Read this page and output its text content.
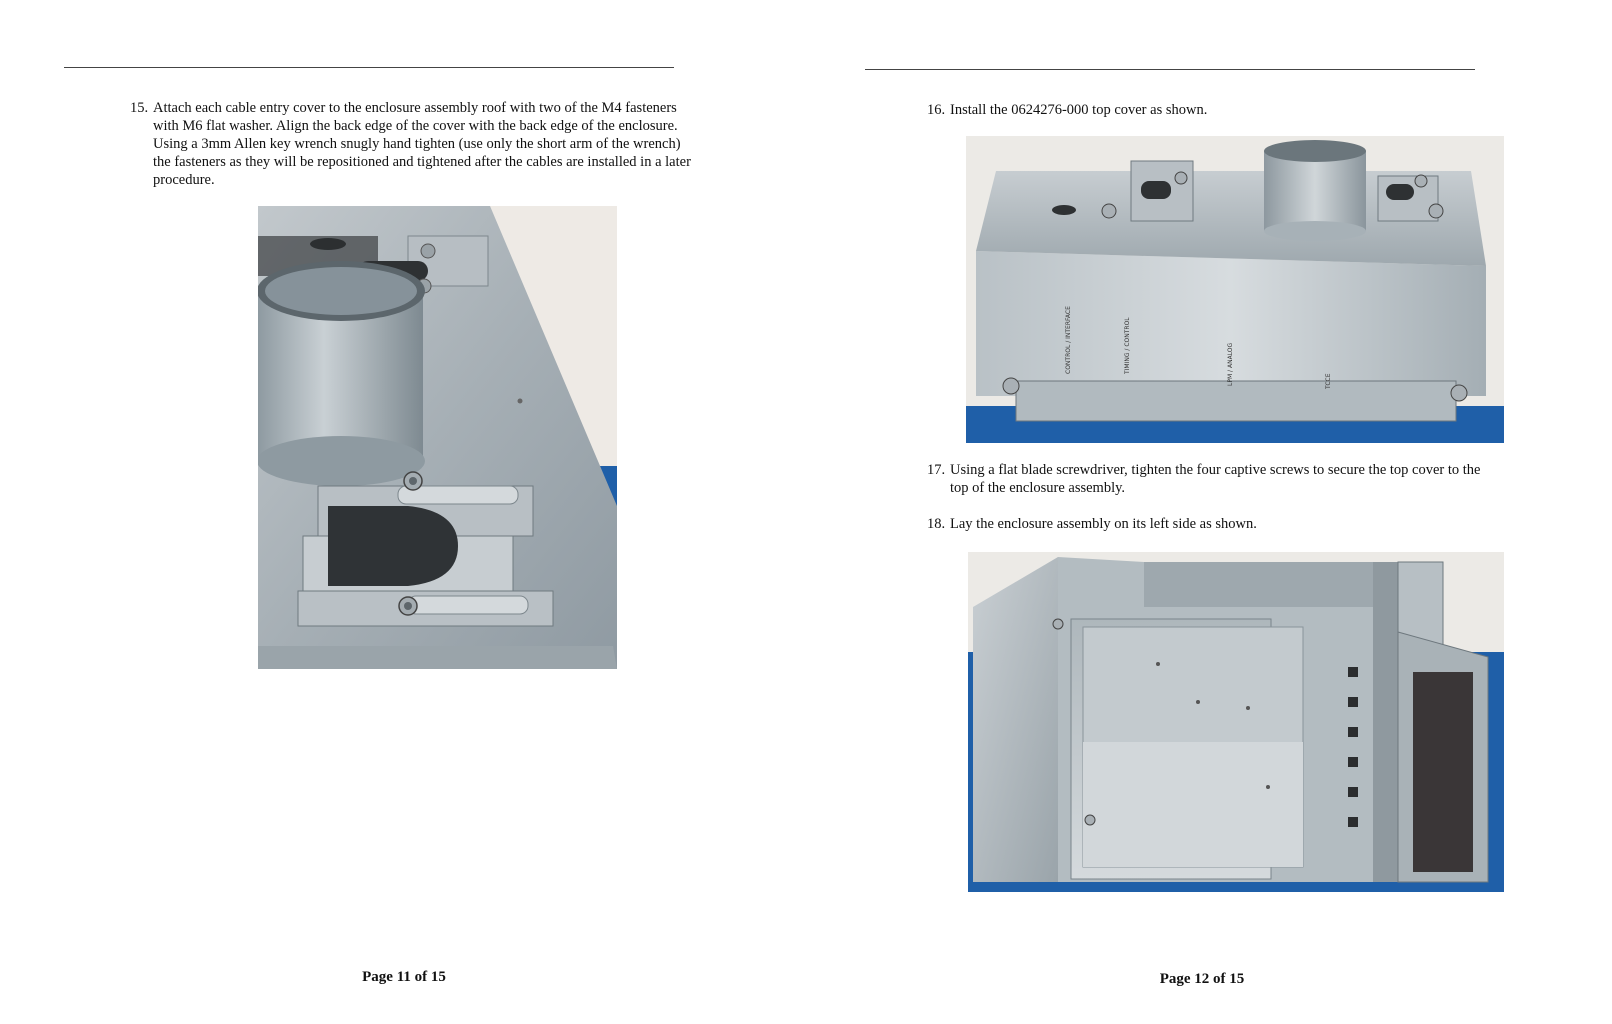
15. Attach each cable entry cover to the enclosure assembly roof with two of the M4 fasteners
with M6 flat washer. Align the back edge of the cover with the back edge of the enclosure.
Using a 3mm Allen key wrench snugly hand tighten (use only the short arm of the wrench)
the fasteners as they will be repositioned and tightened after the cables are installed in a later
procedure.
Page 11 of 15
16. Install the 0624276-000 top cover as shown.
CONTROL / INTERFACE	TIMING / CONTROL	LPM / ANALOG	TCCE
17. Using a flat blade screwdriver, tighten the four captive screws to secure the top cover to the
top of the enclosure assembly.
18. Lay the enclosure assembly on its left side as shown.
Page 12 of 15
